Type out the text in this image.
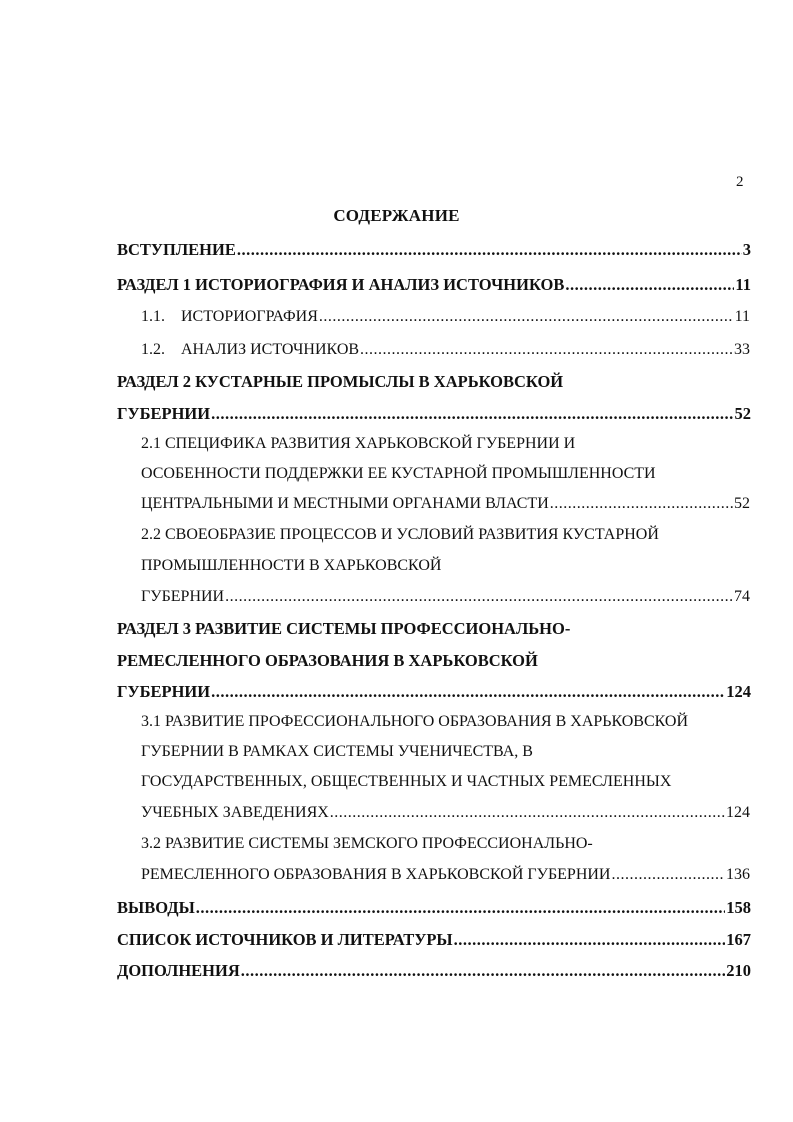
2
СОДЕРЖАНИЕ
ВСТУПЛЕНИЕ .....	3
РАЗДЕЛ 1 ИСТОРИОГРАФИЯ И АНАЛИЗ ИСТОЧНИКОВ .....	11
1.1. ИСТОРИОГРАФИЯ .....	11
1.2. АНАЛИЗ ИСТОЧНИКОВ .....	33
РАЗДЕЛ 2 КУСТАРНЫЕ ПРОМЫСЛЫ В ХАРЬКОВСКОЙ
ГУБЕРНИИ .....	52
2.1 СПЕЦИФИКА РАЗВИТИЯ ХАРЬКОВСКОЙ ГУБЕРНИИ И
ОСОБЕННОСТИ ПОДДЕРЖКИ ЕЕ КУСТАРНОЙ ПРОМЫШЛЕННОСТИ
ЦЕНТРАЛЬНЫМИ И МЕСТНЫМИ ОРГАНАМИ ВЛАСТИ .....	52
2.2 СВОЕОБРАЗИЕ ПРОЦЕССОВ И УСЛОВИЙ РАЗВИТИЯ КУСТАРНОЙ
ПРОМЫШЛЕННОСТИ В ХАРЬКОВСКОЙ
ГУБЕРНИИ .....	74
РАЗДЕЛ 3 РАЗВИТИЕ СИСТЕМЫ ПРОФЕССИОНАЛЬНО-
РЕМЕСЛЕННОГО ОБРАЗОВАНИЯ В ХАРЬКОВСКОЙ
ГУБЕРНИИ .....	124
3.1 РАЗВИТИЕ ПРОФЕССИОНАЛЬНОГО ОБРАЗОВАНИЯ В ХАРЬКОВСКОЙ
ГУБЕРНИИ В РАМКАХ СИСТЕМЫ УЧЕНИЧЕСТВА, В
ГОСУДАРСТВЕННЫХ, ОБЩЕСТВЕННЫХ И ЧАСТНЫХ РЕМЕСЛЕННЫХ
УЧЕБНЫХ ЗАВЕДЕНИЯХ .....	124
3.2 РАЗВИТИЕ СИСТЕМЫ ЗЕМСКОГО ПРОФЕССИОНАЛЬНО-
РЕМЕСЛЕННОГО ОБРАЗОВАНИЯ В ХАРЬКОВСКОЙ ГУБЕРНИИ .....	136
ВЫВОДЫ .....	158
СПИСОК ИСТОЧНИКОВ И ЛИТЕРАТУРЫ .....	167
ДОПОЛНЕНИЯ .....	210
